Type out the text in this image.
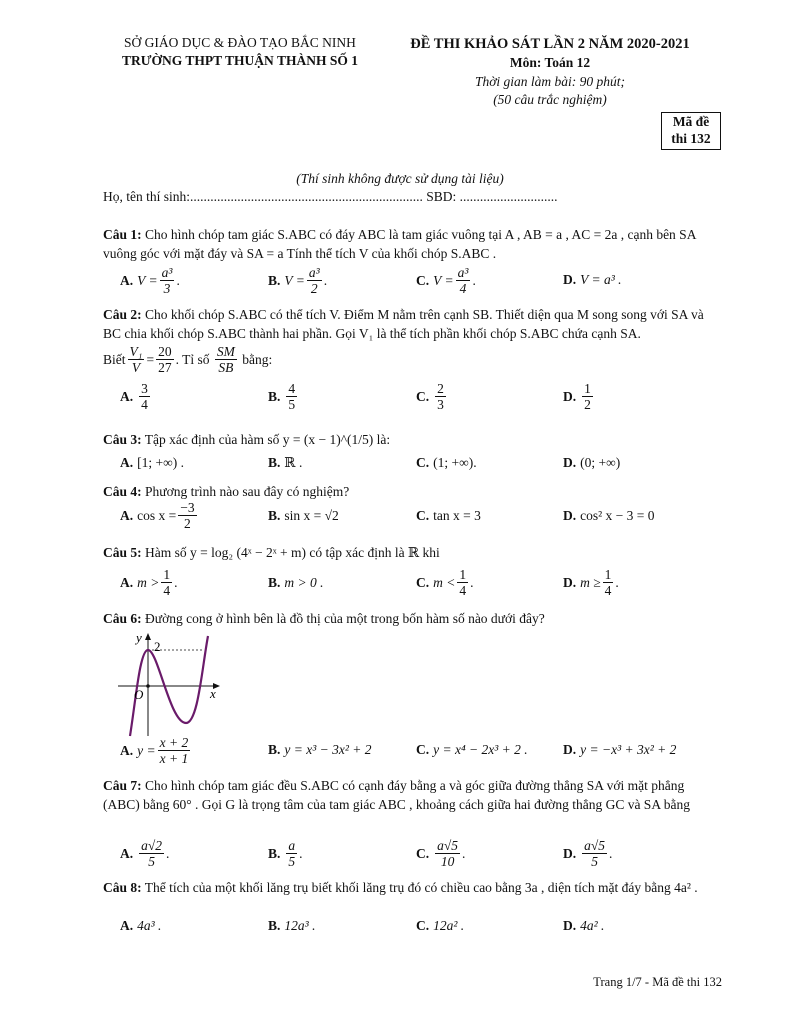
SỞ GIÁO DỤC & ĐÀO TẠO BẮC NINH
TRƯỜNG THPT THUẬN THÀNH SỐ 1
ĐỀ THI KHẢO SÁT LẦN 2 NĂM 2020-2021
Môn: Toán 12
Thời gian làm bài: 90 phút;
(50 câu trắc nghiệm)
Mã đề
thi 132
(Thí sinh không được sử dụng tài liệu)
Họ, tên thí sinh:..................................................................... SBD: .............................
Câu 1: Cho hình chóp tam giác S.ABC có đáy ABC là tam giác vuông tại A , AB = a , AC = 2a , cạnh bên SA vuông góc với mặt đáy và SA = a Tính thể tích V của khối chóp S.ABC .
A. $V = \frac{\text{a³}}{3}$ .	B. $V = \frac{\text{a³}}{2}$ .	C. $V = \frac{\text{a³}}{4}$ .	D. V = a³ .
Câu 2: Cho khối chóp S.ABC có thể tích V. Điểm M nằm trên cạnh SB. Thiết diện qua M song song với SA và BC chia khối chóp S.ABC thành hai phần. Gọi V₁ là thể tích phần khối chóp S.ABC chứa cạnh SA.
Biết $\frac{\text{V₁}}{V} = \frac{20}{27}$ . Tỉ số
$\frac{SM}{SB}$
bằng:
A. $\frac{3}{4}$	B. $\frac{4}{5}$	C. $\frac{2}{3}$	D. $\frac{1}{2}$
Câu 3: Tập xác định của hàm số y = (x − 1)^(1/5) là:
A. [1; +∞) .	B. ℝ .	C. (1; +∞).	D. (0; +∞)
Câu 4: Phương trình nào sau đây có nghiệm?
A. $\cos x = \frac{-3}{2}$	B. sin x = √2	C. tan x = 3	D. cos² x − 3 = 0
Câu 5: Hàm số y = log₂ (4ˣ − 2ˣ + m) có tập xác định là ℝ khi
A. $m > \frac{1}{4}$ .	B. m > 0 .	C. $m < \frac{1}{4}$ .	D. $m \ge \frac{1}{4}$ .
Câu 6: Đường cong ở hình bên là đồ thị của một trong bốn hàm số nào dưới đây?
y
2
O	x
A. $y = \frac{x + 2}{x + 1}$	B. y = x³ − 3x² + 2	C. y = x⁴ − 2x³ + 2 .	D. y = −x³ + 3x² + 2
Câu 7: Cho hình chóp tam giác đều S.ABC có cạnh đáy bằng a và góc giữa đường thẳng SA với mặt phẳng (ABC) bằng 60° . Gọi G là trọng tâm của tam giác ABC , khoảng cách giữa hai đường thẳng GC và SA bằng
A. $\frac{a√2}{5}$ .	B. $\frac{a}{5}$ .	C. $\frac{a√5}{10}$ .	D. $\frac{a√5}{5}$ .
Câu 8: Thể tích của một khối lăng trụ biết khối lăng trụ đó có chiều cao bằng 3a , diện tích mặt đáy bằng 4a² .
A. 4a³ .	B. 12a³ .	C. 12a² .	D. 4a² .
Trang 1/7 - Mã đề thi 132
